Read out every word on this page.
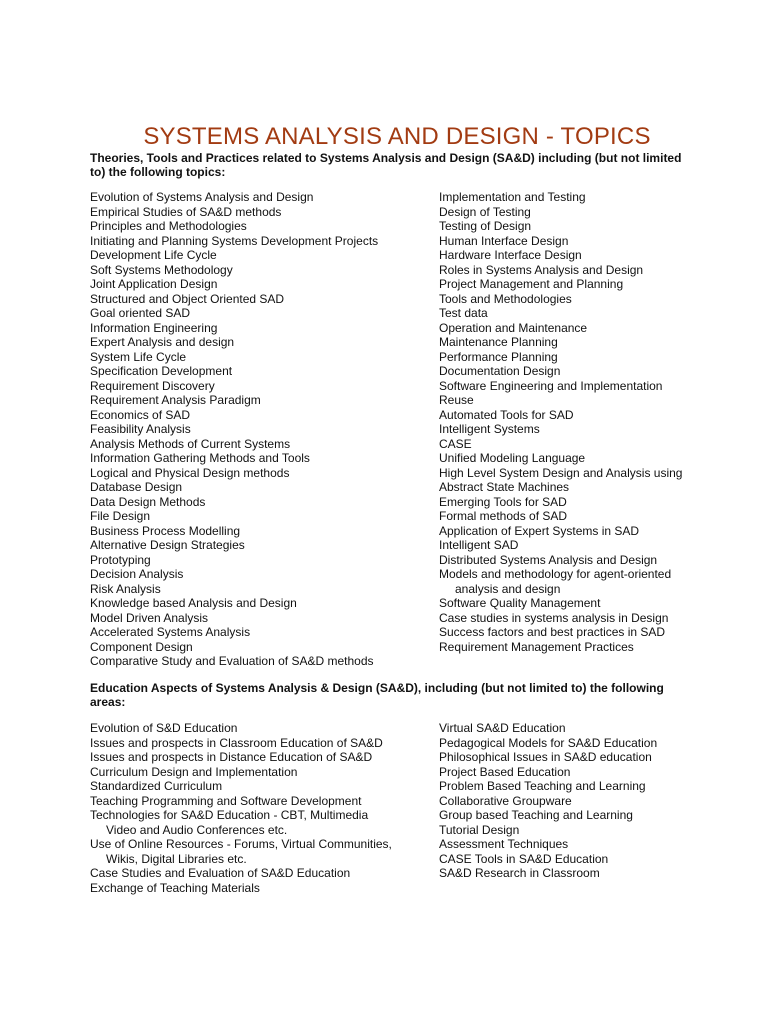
SYSTEMS ANALYSIS AND DESIGN - TOPICS

Theories, Tools and Practices related to Systems Analysis and Design (SA&D) including (but not limited to) the following topics:

Evolution of Systems Analysis and Design
Empirical Studies of SA&D methods
Principles and Methodologies
Initiating and Planning Systems Development Projects
Development Life Cycle
Soft Systems Methodology
Joint Application Design
Structured and Object Oriented SAD
Goal oriented SAD
Information Engineering
Expert Analysis and design
System Life Cycle
Specification Development
Requirement Discovery
Requirement Analysis Paradigm
Economics of SAD
Feasibility Analysis
Analysis Methods of Current Systems
Information Gathering Methods and Tools
Logical and Physical Design methods
Database Design
Data Design Methods
File Design
Business Process Modelling
Alternative Design Strategies
Prototyping
Decision Analysis
Risk Analysis
Knowledge based Analysis and Design
Model Driven Analysis
Accelerated Systems Analysis
Component Design
Comparative Study and Evaluation of SA&D methods
Implementation and Testing
Design of Testing
Testing of Design
Human Interface Design
Hardware Interface Design
Roles in Systems Analysis and Design
Project Management and Planning
Tools and Methodologies
Test data
Operation and Maintenance
Maintenance Planning
Performance Planning
Documentation Design
Software Engineering and Implementation
Reuse
Automated Tools for SAD
Intelligent Systems
CASE
Unified Modeling Language
High Level System Design and Analysis using
Abstract State Machines
Emerging Tools for SAD
Formal methods of SAD
Application of Expert Systems in SAD
Intelligent SAD
Distributed Systems Analysis and Design
Models and methodology for agent-oriented
analysis and design
Software Quality Management
Case studies in systems analysis in Design
Success factors and best practices in SAD
Requirement Management Practices

Education Aspects of Systems Analysis & Design (SA&D), including (but not limited to) the following areas:

Evolution of S&D Education
Issues and prospects in Classroom Education of SA&D
Issues and prospects in Distance Education of SA&D
Curriculum Design and Implementation
Standardized Curriculum
Teaching Programming and Software Development
Technologies for SA&D Education - CBT, Multimedia
Video and Audio Conferences etc.
Use of Online Resources - Forums, Virtual Communities,
Wikis, Digital Libraries etc.
Case Studies and Evaluation of SA&D Education
Exchange of Teaching Materials
Virtual SA&D Education
Pedagogical Models for SA&D Education
Philosophical Issues in SA&D education
Project Based Education
Problem Based Teaching and Learning
Collaborative Groupware
Group based Teaching and Learning
Tutorial Design
Assessment Techniques
CASE Tools in SA&D Education
SA&D Research in Classroom
